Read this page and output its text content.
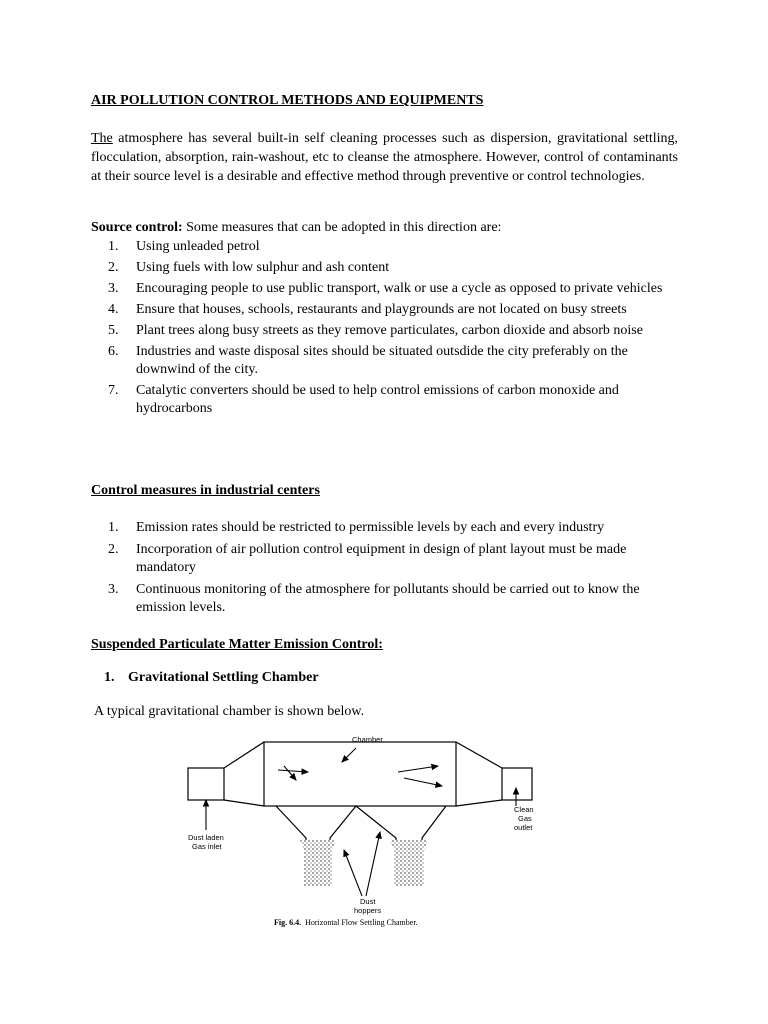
AIR POLLUTION CONTROL METHODS AND EQUIPMENTS

The atmosphere has several built-in self cleaning processes such as dispersion, gravitational settling, flocculation, absorption, rain-washout, etc to cleanse the atmosphere. However, control of contaminants at their source level is a desirable and effective method through preventive or control technologies.

Source control: Some measures that can be adopted in this direction are:
1. Using unleaded petrol
2. Using fuels with low sulphur and ash content
3. Encouraging people to use public transport, walk or use a cycle as opposed to private vehicles
4. Ensure that houses, schools, restaurants and playgrounds are not located on busy streets
5. Plant trees along busy streets as they remove particulates, carbon dioxide and absorb noise
6. Industries and waste disposal sites should be situated outsdide the city preferably on the downwind of the city.
7. Catalytic converters should be used to help control emissions of carbon monoxide and hydrocarbons
Control measures in industrial centers
1. Emission rates should be restricted to permissible levels by each and every industry
2. Incorporation of air pollution control equipment in design of plant layout must be made mandatory
3. Continuous monitoring of the atmosphere for pollutants should be carried out to know the emission levels.
Suspended Particulate Matter Emission Control:
1. Gravitational Settling Chamber
A typical gravitational chamber is shown below.
Chamber
Dust laden
Gas inlet
Clean
Gas
outlet
Dust
hoppers
Fig. 6.4. Horizontal Flow Settling Chamber.
